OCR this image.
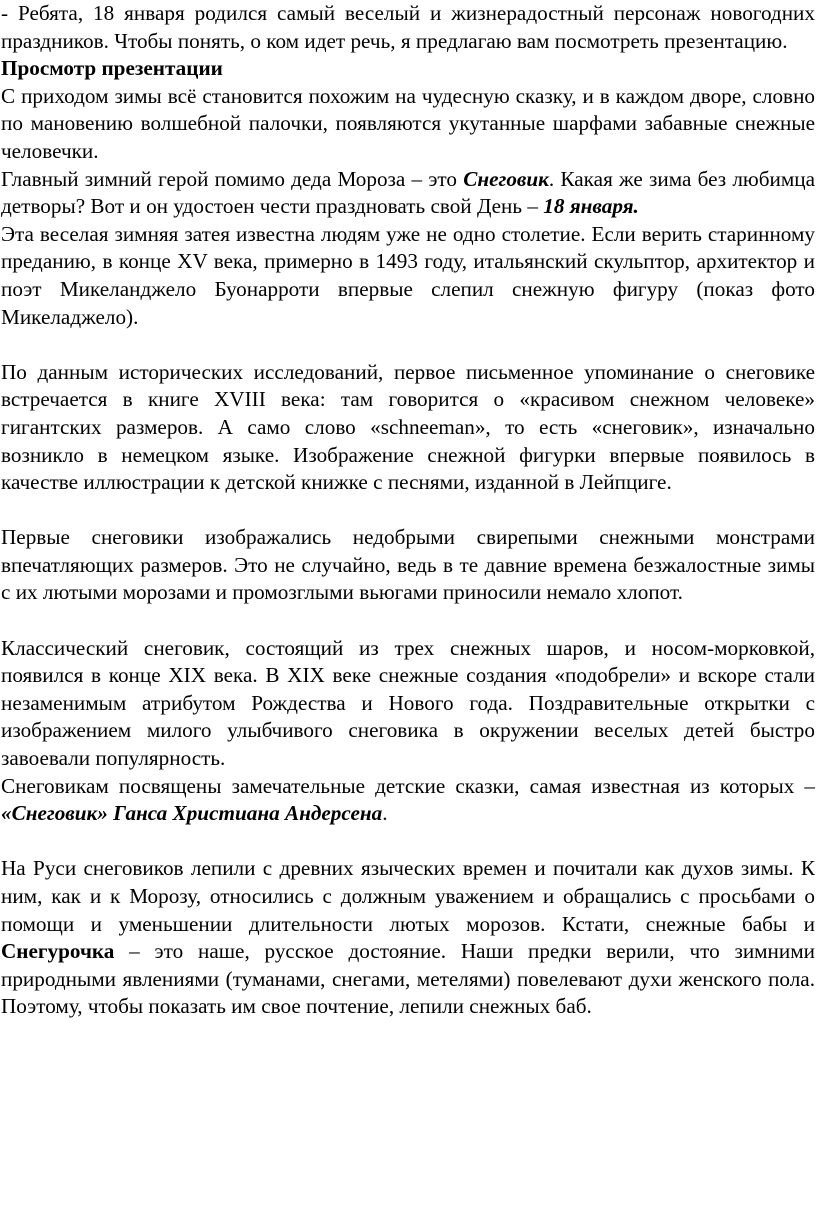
- Ребята, 18 января родился самый веселый и жизнерадостный персонаж новогодних праздников. Чтобы понять, о ком идет речь, я предлагаю вам посмотреть презентацию.

Просмотр презентации

С приходом зимы всё становится похожим на чудесную сказку, и в каждом дворе, словно по мановению волшебной палочки, появляются укутанные шарфами забавные снежные человечки.

Главный зимний герой помимо деда Мороза – это Снеговик. Какая же зима без любимца детворы? Вот и он удостоен чести праздновать свой День – 18 января.

Эта веселая зимняя затея известна людям уже не одно столетие. Если верить старинному преданию, в конце XV века, примерно в 1493 году, итальянский скульптор, архитектор и поэт Микеланджело Буонарроти впервые слепил снежную фигуру (показ фото Микеладжело).

По данным исторических исследований, первое письменное упоминание о снеговике встречается в книге XVIII века: там говорится о «красивом снежном человеке» гигантских размеров. А само слово «schneeman», то есть «снеговик», изначально возникло в немецком языке. Изображение снежной фигурки впервые появилось в качестве иллюстрации к детской книжке с песнями, изданной в Лейпциге.

Первые снеговики изображались недобрыми свирепыми снежными монстрами впечатляющих размеров. Это не случайно, ведь в те давние времена безжалостные зимы с их лютыми морозами и промозглыми вьюгами приносили немало хлопот.

Классический снеговик, состоящий из трех снежных шаров, и носом-морковкой, появился в конце XIX века. В XIX веке снежные создания «подобрели» и вскоре стали незаменимым атрибутом Рождества и Нового года. Поздравительные открытки с изображением милого улыбчивого снеговика в окружении веселых детей быстро завоевали популярность.

Снеговикам посвящены замечательные детские сказки, самая известная из которых – «Снеговик» Ганса Христиана Андерсена.

На Руси снеговиков лепили с древних языческих времен и почитали как духов зимы. К ним, как и к Морозу, относились с должным уважением и обращались с просьбами о помощи и уменьшении длительности лютых морозов. Кстати, снежные бабы и Снегурочка – это наше, русское достояние. Наши предки верили, что зимними природными явлениями (туманами, снегами, метелями) повелевают духи женского пола. Поэтому, чтобы показать им свое почтение, лепили снежных баб.
